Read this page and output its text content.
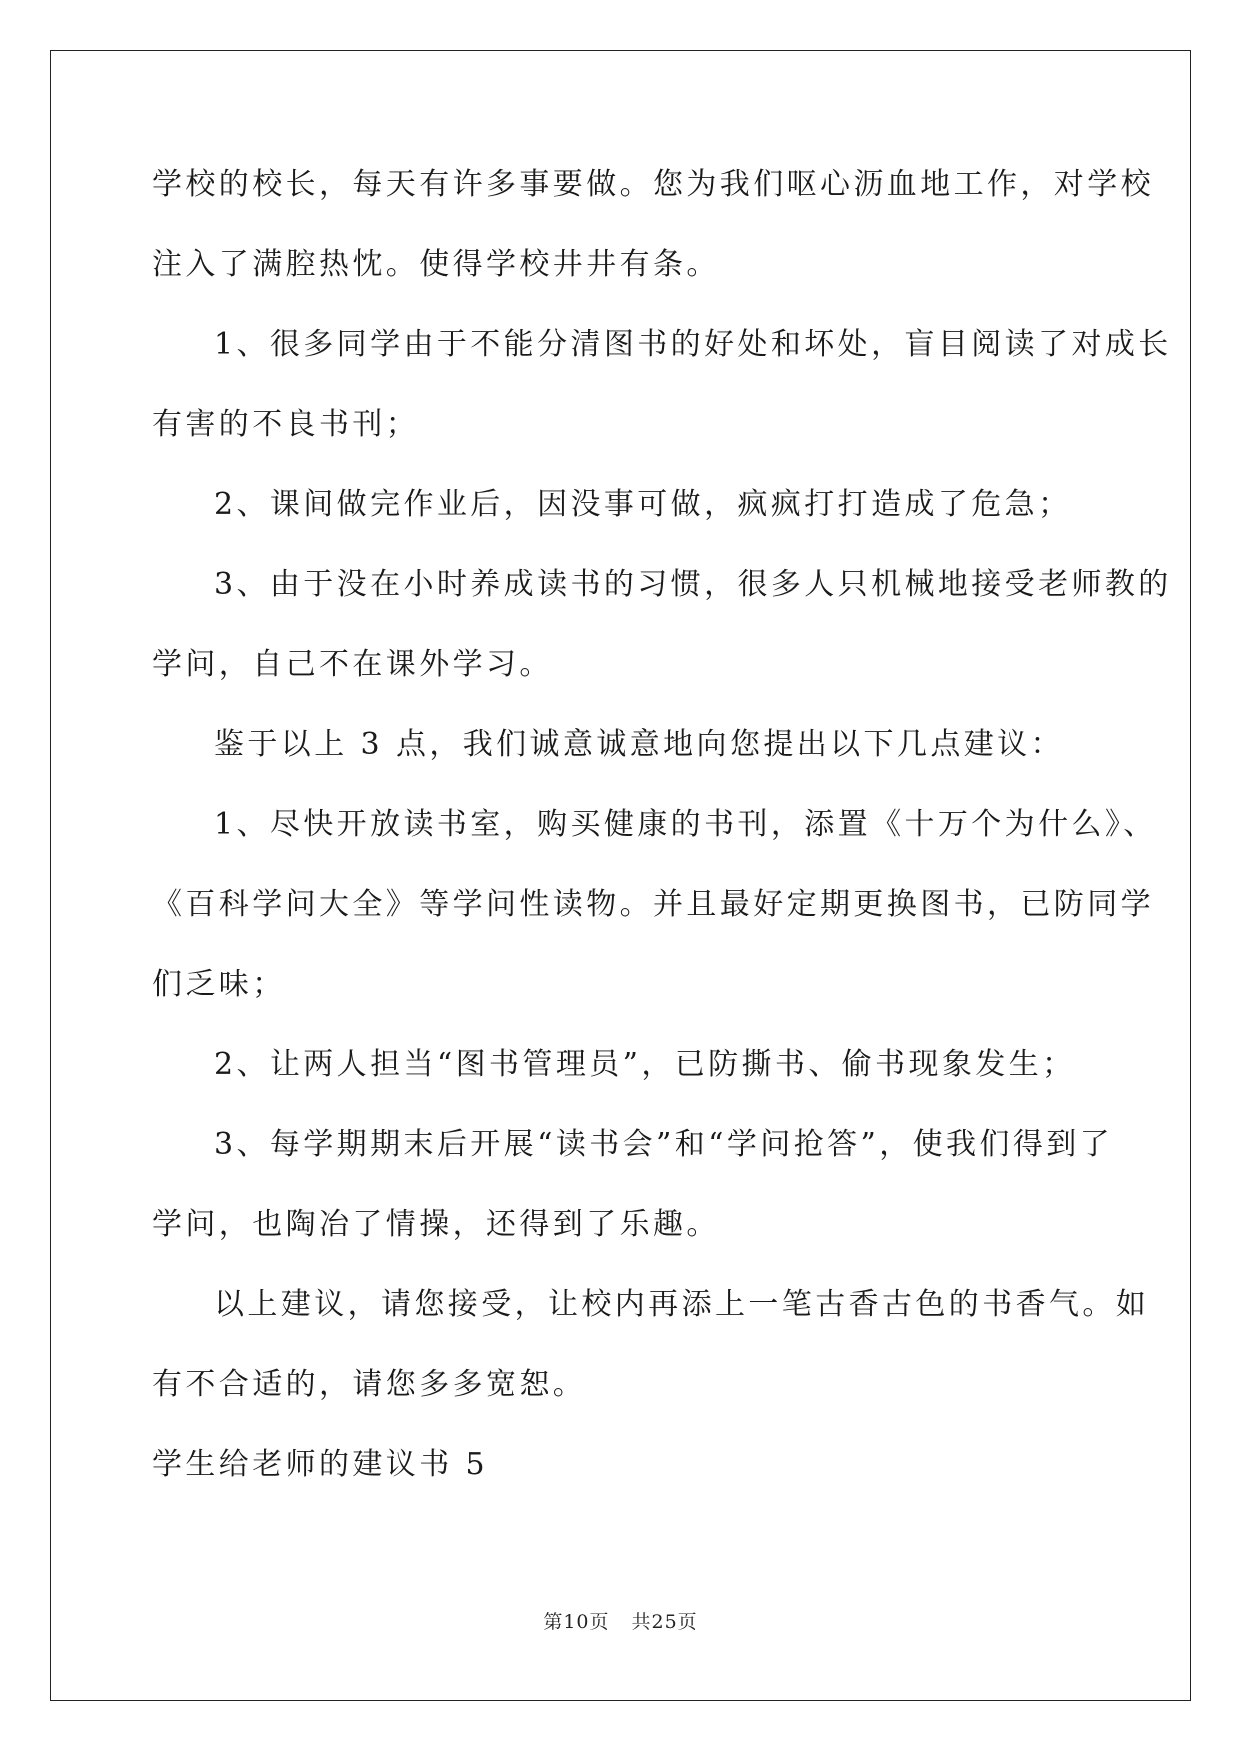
学校的校长，每天有许多事要做。您为我们呕心沥血地工作，对学校
注入了满腔热忱。使得学校井井有条。
1、很多同学由于不能分清图书的好处和坏处，盲目阅读了对成长
有害的不良书刊；
2、课间做完作业后，因没事可做，疯疯打打造成了危急；
3、由于没在小时养成读书的习惯，很多人只机械地接受老师教的
学问，自己不在课外学习。
鉴于以上 3 点，我们诚意诚意地向您提出以下几点建议：
1、尽快开放读书室，购买健康的书刊，添置《十万个为什么》、
《百科学问大全》等学问性读物。并且最好定期更换图书，已防同学
们乏味；
2、让两人担当“图书管理员”，已防撕书、偷书现象发生；
3、每学期期末后开展“读书会”和“学问抢答”，使我们得到了
学问，也陶冶了情操，还得到了乐趣。
以上建议，请您接受，让校内再添上一笔古香古色的书香气。如
有不合适的，请您多多宽恕。
学生给老师的建议书 5
第10页 共25页
